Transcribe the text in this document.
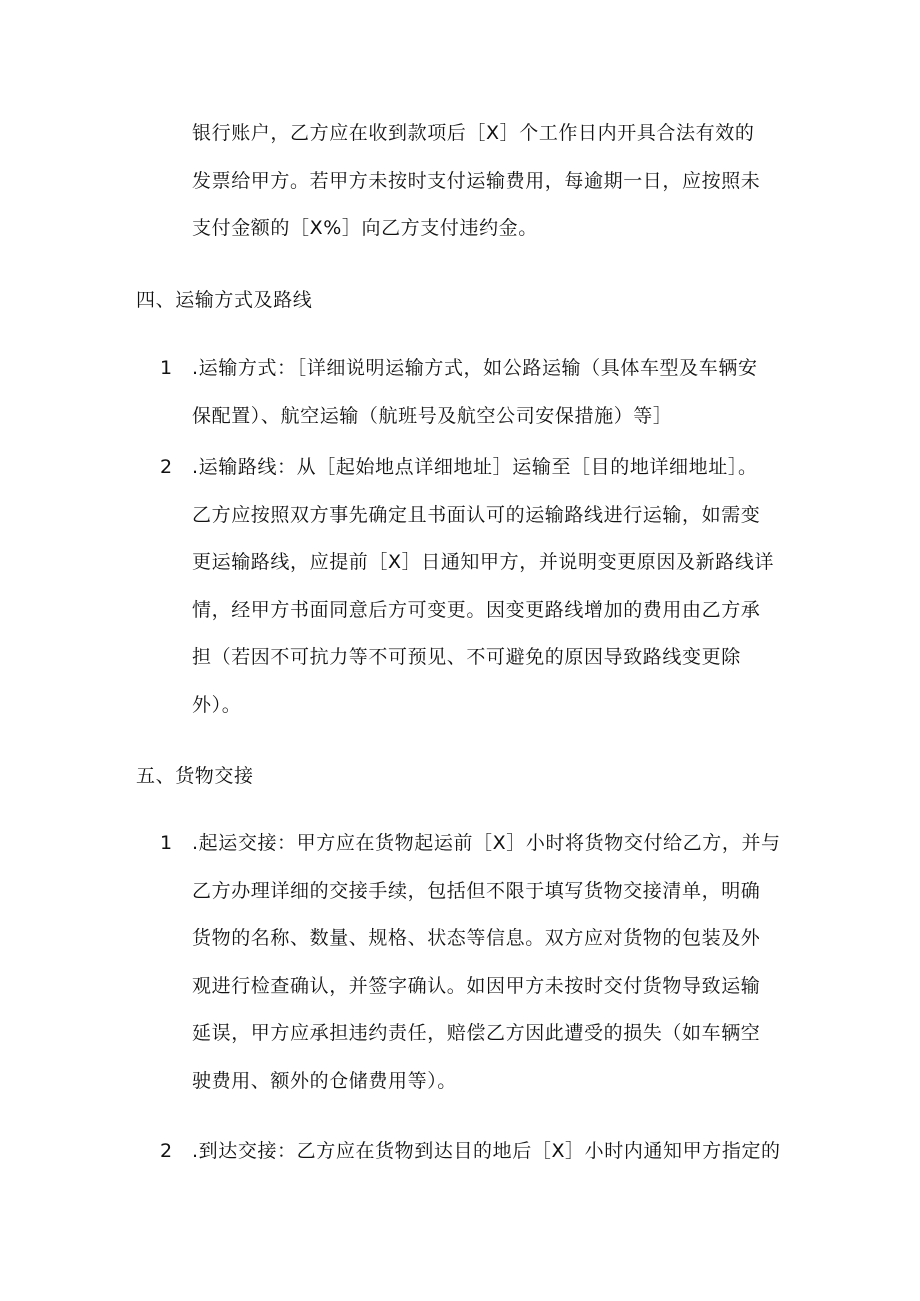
银行账户，乙方应在收到款项后［X］个工作日内开具合法有效的
发票给甲方。若甲方未按时支付运输费用，每逾期一日，应按照未
支付金额的［X%］向乙方支付违约金。
四、运输方式及路线
1 .运输方式：［详细说明运输方式，如公路运输（具体车型及车辆安
保配置）、航空运输（航班号及航空公司安保措施）等］
2 .运输路线：从［起始地点详细地址］运输至［目的地详细地址］。
乙方应按照双方事先确定且书面认可的运输路线进行运输，如需变
更运输路线，应提前［X］日通知甲方，并说明变更原因及新路线详
情，经甲方书面同意后方可变更。因变更路线增加的费用由乙方承
担（若因不可抗力等不可预见、不可避免的原因导致路线变更除
外）。
五、货物交接
1 .起运交接：甲方应在货物起运前［X］小时将货物交付给乙方，并与
乙方办理详细的交接手续，包括但不限于填写货物交接清单，明确
货物的名称、数量、规格、状态等信息。双方应对货物的包装及外
观进行检查确认，并签字确认。如因甲方未按时交付货物导致运输
延误，甲方应承担违约责任，赔偿乙方因此遭受的损失（如车辆空
驶费用、额外的仓储费用等）。
2 .到达交接：乙方应在货物到达目的地后［X］小时内通知甲方指定的
